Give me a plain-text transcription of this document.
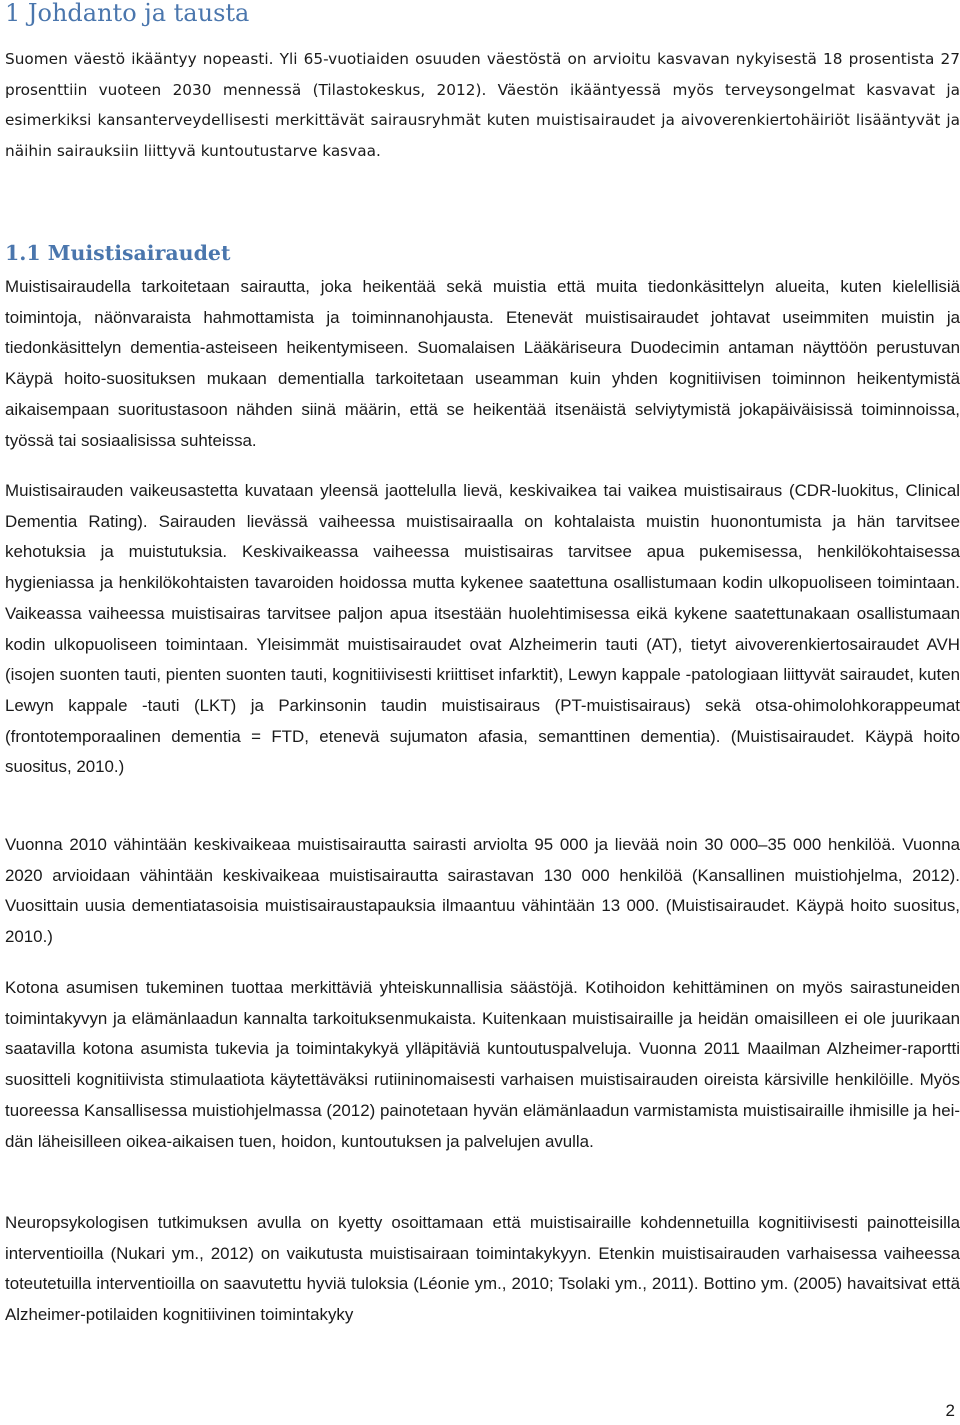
1 Johdanto ja tausta

Suomen väestö ikääntyy nopeasti. Yli 65-vuotiaiden osuuden väestöstä on arvioitu kasvavan nykyisestä 18 prosentista 27 prosenttiin vuoteen 2030 mennessä (Tilastokeskus, 2012). Väestön ikääntyessä myös terveysongelmat kasvavat ja esimerkiksi kansanterveydellisesti merkittävät sairausryhmät kuten muistisairaudet ja aivoverenkiertohäiriöt lisääntyvät ja näihin sairauksiin liittyvä kuntoutustarve kasvaa.

1.1 Muistisairaudet

Muistisairaudella tarkoitetaan sairautta, joka heikentää sekä muistia että muita tiedonkäsittelyn alueita, kuten kielellisiä toimintoja, näönvaraista hahmottamista ja toiminnanohjausta. Etenevät muistisairaudet johtavat useimmiten muistin ja tiedonkäsittelyn dementia-asteiseen heikentymiseen. Suomalaisen Lääkäriseura Duodecimin antaman näyttöön perustuvan Käypä hoito-suosituksen mukaan dementialla tarkoitetaan useamman kuin yhden kognitiivisen toiminnon heikentymistä aikaisempaan suoritustasoon nähden siinä määrin, että se heikentää itsenäistä selviytymistä jokapäiväisissä toiminnoissa, työssä tai sosiaalisissa suhteissa.

Muistisairauden vaikeusastetta kuvataan yleensä jaottelulla lievä, keskivaikea tai vaikea muistisairaus (CDR-luokitus, Clinical Dementia Rating). Sairauden lievässä vaiheessa muistisairaalla on kohtalaista muistin huonontumista ja hän tarvitsee kehotuksia ja muistutuksia. Keskivaikeassa vaiheessa muistisairas tarvitsee apua pukemisessa, henkilökohtaisessa hygieniassa ja henkilökohtaisten tavaroiden hoidossa mutta kykenee saatettuna osallistumaan kodin ulkopuoliseen toimintaan. Vaikeassa vaiheessa muistisairas tarvitsee paljon apua itsestään huolehtimisessa eikä kykene saatettunakaan osallistumaan kodin ulkopuoliseen toimintaan. Yleisimmät muistisairaudet ovat Alzheimerin tauti (AT), tietyt aivoverenkiertosairaudet AVH (isojen suonten tauti, pienten suonten tauti, kognitiivisesti kriittiset infarktit), Lewyn kappale -patologiaan liittyvät sairaudet, kuten Lewyn kappale -tauti (LKT) ja Parkinsonin taudin muistisairaus (PT-muistisairaus) sekä otsa-ohimolohkorappeumat (frontotemporaalinen dementia = FTD, etenevä sujumaton afasia, semanttinen dementia). (Muistisairaudet. Käypä hoito suositus, 2010.)

Vuonna 2010 vähintään keskivaikeaa muistisairautta sairasti arviolta 95 000 ja lievää noin 30 000–35 000 henkilöä. Vuonna 2020 arvioidaan vähintään keskivaikeaa muistisairautta sairastavan 130 000 henkilöä (Kansallinen muistiohjelma, 2012). Vuosittain uusia dementiatasoisia muistisairaustapauksia ilmaantuu vähintään 13 000. (Muistisairaudet. Käypä hoito suositus, 2010.)

Kotona asumisen tukeminen tuottaa merkittäviä yhteiskunnallisia säästöjä. Kotihoidon kehittäminen on myös sairastuneiden toimintakyvyn ja elämänlaadun kannalta tarkoituksenmukaista. Kuitenkaan muistisairaille ja heidän omaisilleen ei ole juurikaan saatavilla kotona asumista tukevia ja toimintakykyä ylläpitäviä kuntoutuspalveluja. Vuonna 2011 Maailman Alzheimer-raportti suositteli kognitiivista stimulaatiota käytettäväksi rutiininomaisesti varhaisen muistisairauden oireista kärsiville henkilöille. Myös tuoreessa Kansallisessa muistiohjelmassa (2012) painotetaan hyvän elämänlaadun varmistamista muistisairaille ihmisille ja heidän läheisilleen oikea-aikaisen tuen, hoidon, kuntoutuksen ja palvelujen avulla.

Neuropsykologisen tutkimuksen avulla on kyetty osoittamaan että muistisairaille kohdennetuilla kognitiivisesti painotteisilla interventioilla (Nukari ym., 2012) on vaikutusta muistisairaan toimintakykyyn. Etenkin muistisairauden varhaisessa vaiheessa toteutetuilla interventioilla on saavutettu hyviä tuloksia (Léonie ym., 2010; Tsolaki ym., 2011). Bottino ym. (2005) havaitsivat että Alzheimer-potilaiden kognitiivinen toimintakyky

2
